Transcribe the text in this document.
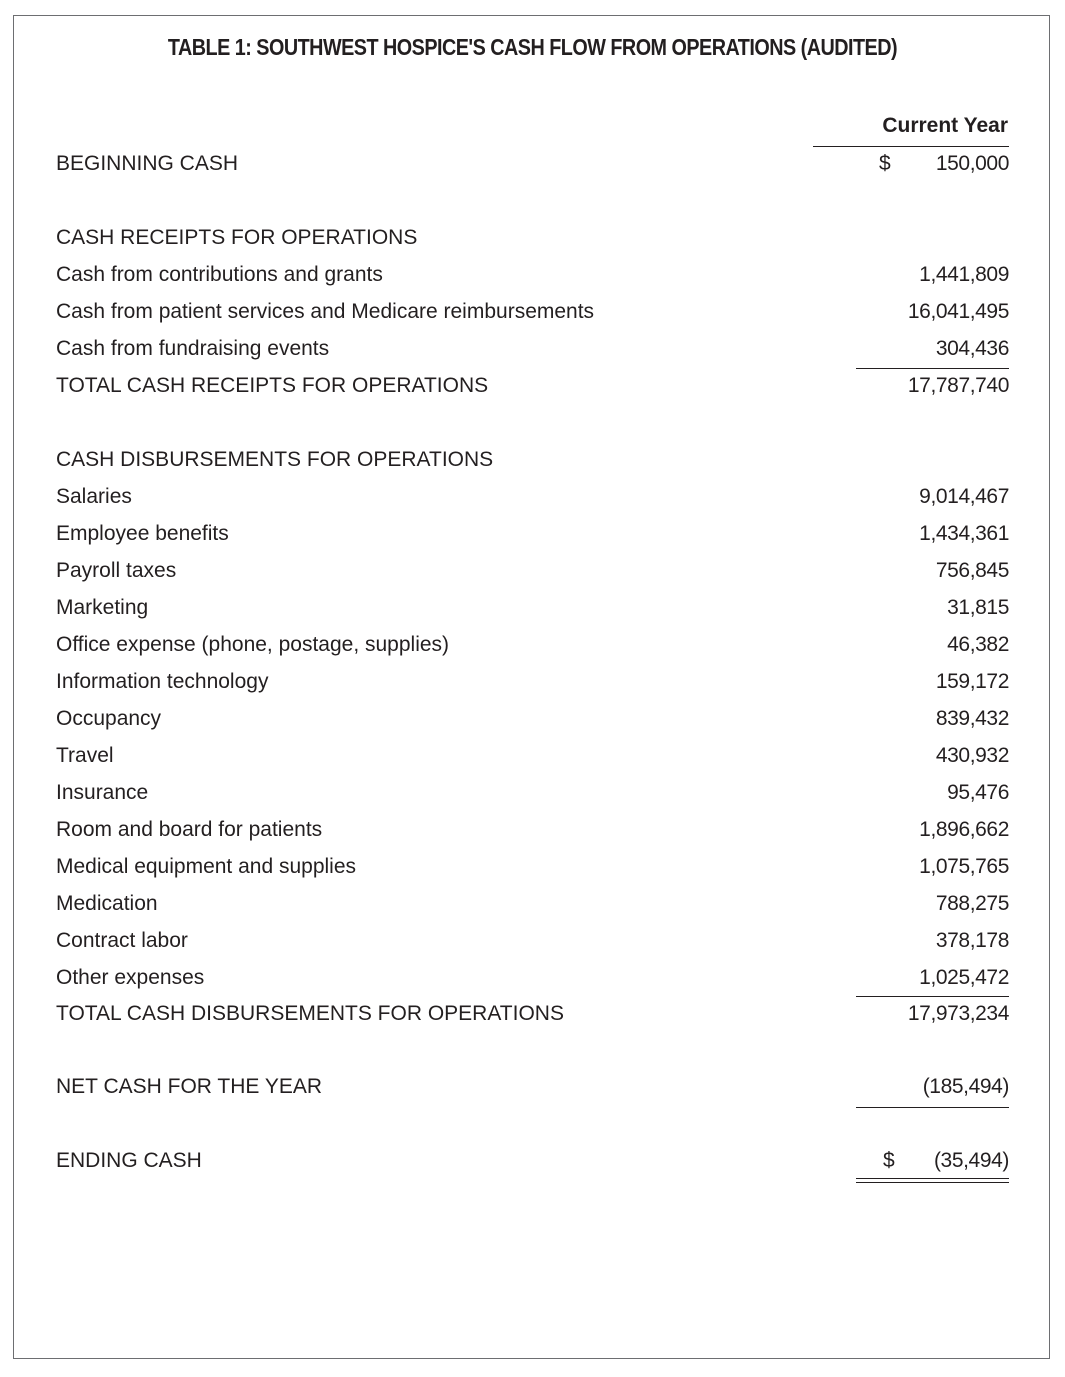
TABLE 1: SOUTHWEST HOSPICE'S CASH FLOW FROM OPERATIONS (AUDITED)
Current Year
BEGINNING CASH	$ 150,000
CASH RECEIPTS FOR OPERATIONS
Cash from contributions and grants	1,441,809
Cash from patient services and Medicare reimbursements	16,041,495
Cash from fundraising events	304,436
TOTAL CASH RECEIPTS FOR OPERATIONS	17,787,740
CASH DISBURSEMENTS FOR OPERATIONS
Salaries	9,014,467
Employee benefits	1,434,361
Payroll taxes	756,845
Marketing	31,815
Office expense (phone, postage, supplies)	46,382
Information technology	159,172
Occupancy	839,432
Travel	430,932
Insurance	95,476
Room and board for patients	1,896,662
Medical equipment and supplies	1,075,765
Medication	788,275
Contract labor	378,178
Other expenses	1,025,472
TOTAL CASH DISBURSEMENTS FOR OPERATIONS	17,973,234
NET CASH FOR THE YEAR	(185,494)
ENDING CASH	$ (35,494)
